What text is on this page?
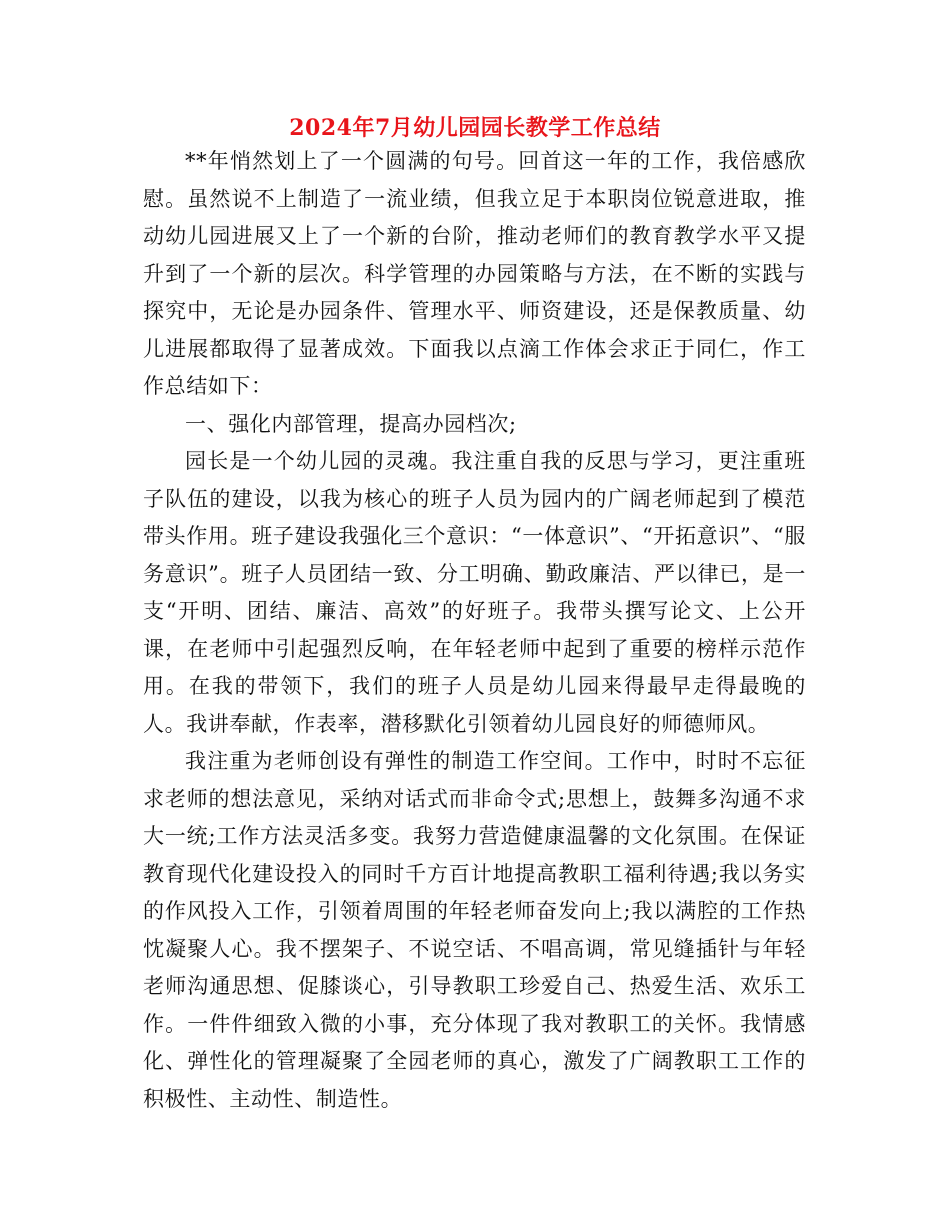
2024年7月幼儿园园长教学工作总结

**年悄然划上了一个圆满的句号。回首这一年的工作，我倍感欣慰。虽然说不上制造了一流业绩，但我立足于本职岗位锐意进取，推动幼儿园进展又上了一个新的台阶，推动老师们的教育教学水平又提升到了一个新的层次。科学管理的办园策略与方法，在不断的实践与探究中，无论是办园条件、管理水平、师资建设，还是保教质量、幼儿进展都取得了显著成效。下面我以点滴工作体会求正于同仁，作工作总结如下：

一、强化内部管理，提高办园档次;

园长是一个幼儿园的灵魂。我注重自我的反思与学习，更注重班子队伍的建设，以我为核心的班子人员为园内的广阔老师起到了模范带头作用。班子建设我强化三个意识：“一体意识”、“开拓意识”、“服务意识”。班子人员团结一致、分工明确、勤政廉洁、严以律已，是一支“开明、团结、廉洁、高效”的好班子。我带头撰写论文、上公开课，在老师中引起强烈反响，在年轻老师中起到了重要的榜样示范作用。在我的带领下，我们的班子人员是幼儿园来得最早走得最晚的人。我讲奉献，作表率，潜移默化引领着幼儿园良好的师德师风。

我注重为老师创设有弹性的制造工作空间。工作中，时时不忘征求老师的想法意见，采纳对话式而非命令式;思想上，鼓舞多沟通不求大一统;工作方法灵活多变。我努力营造健康温馨的文化氛围。在保证教育现代化建设投入的同时千方百计地提高教职工福利待遇;我以务实的作风投入工作，引领着周围的年轻老师奋发向上;我以满腔的工作热忱凝聚人心。我不摆架子、不说空话、不唱高调，常见缝插针与年轻老师沟通思想、促膝谈心，引导教职工珍爱自己、热爱生活、欢乐工作。一件件细致入微的小事，充分体现了我对教职工的关怀。我情感化、弹性化的管理凝聚了全园老师的真心，激发了广阔教职工工作的积极性、主动性、制造性。
